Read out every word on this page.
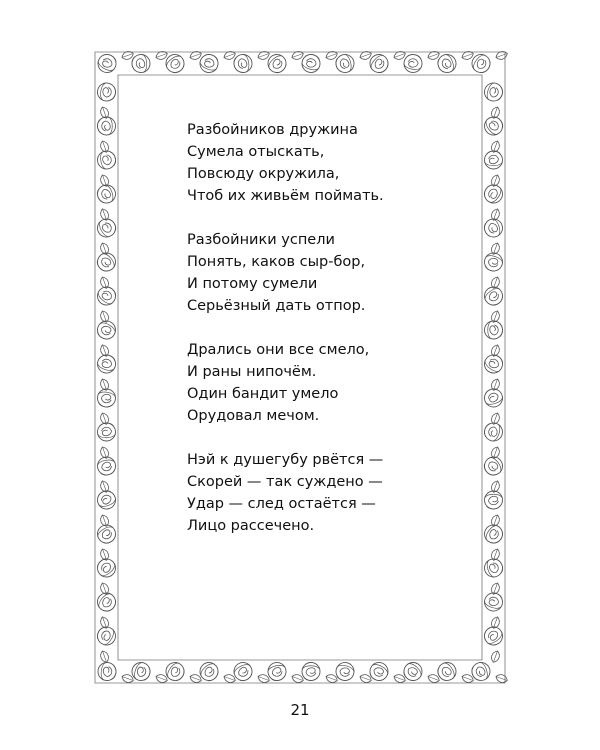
Разбойников дружина
Сумела отыскать,
Повсюду окружила,
Чтоб их живьём поймать.
Разбойники успели
Понять, каков сыр-бор,
И потому сумели
Серьёзный дать отпор.
Дрались они все смело,
И раны нипочём.
Один бандит умело
Орудовал мечом.
Нэй к душегубу рвётся —
Скорей — так суждено —
Удар — след остаётся —
Лицо рассечено.
21
